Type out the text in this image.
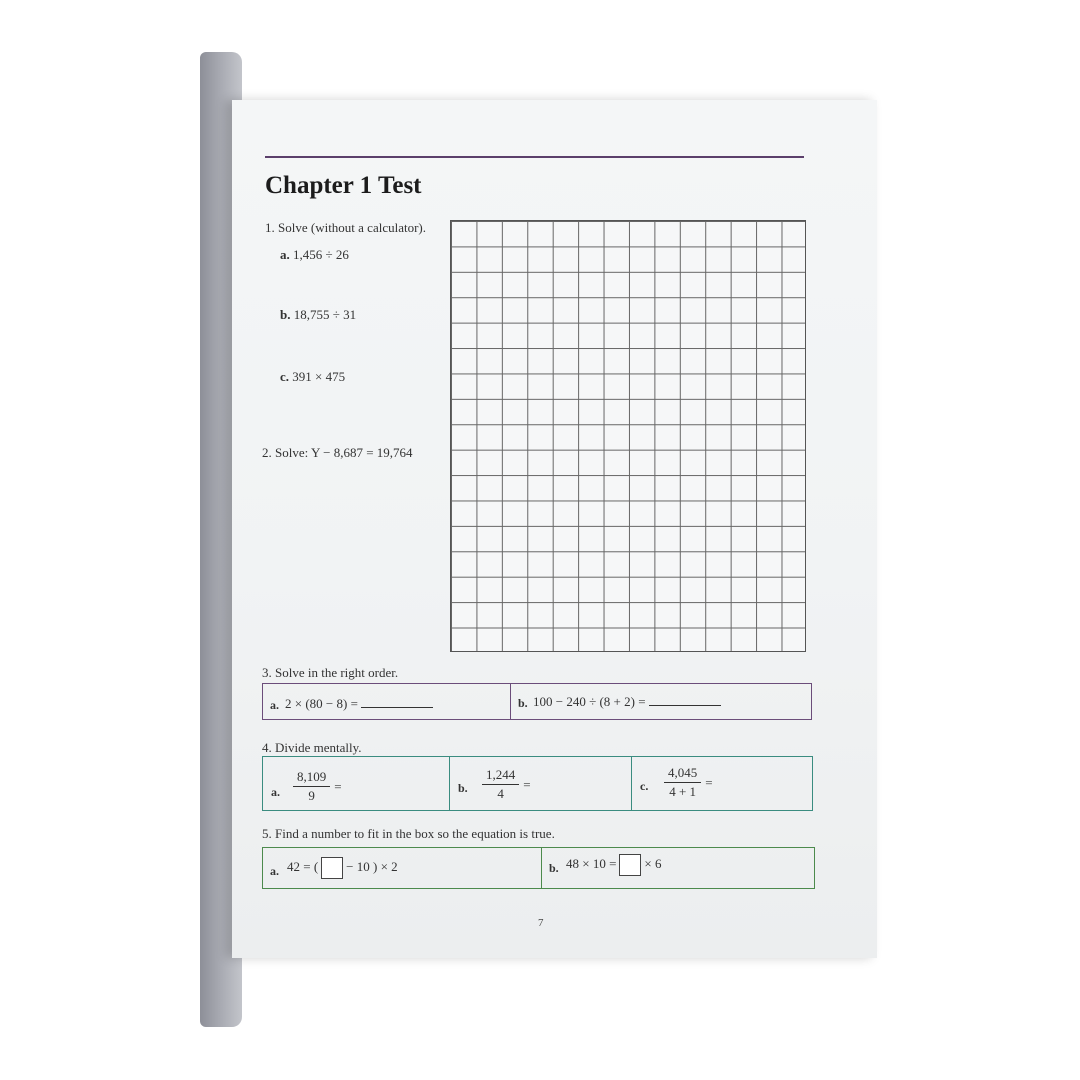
Chapter 1 Test
1. Solve (without a calculator).
a. 1,456 ÷ 26
b. 18,755 ÷ 31
c. 391 × 475
2. Solve: Y − 8,687 = 19,764
3. Solve in the right order.
a. 2 × (80 − 8) =	b. 100 − 240 ÷ (8 + 2) =
4. Divide mentally.
a. $\frac{8,109}{9}$ =	b. $\frac{1,244}{4}$ =	c. $\frac{4,045}{4 + 1}$ =
5. Find a number to fit in the box so the equation is true.
a. 42 = ( − 10 ) × 2	b. 48 × 10 = × 6
7
